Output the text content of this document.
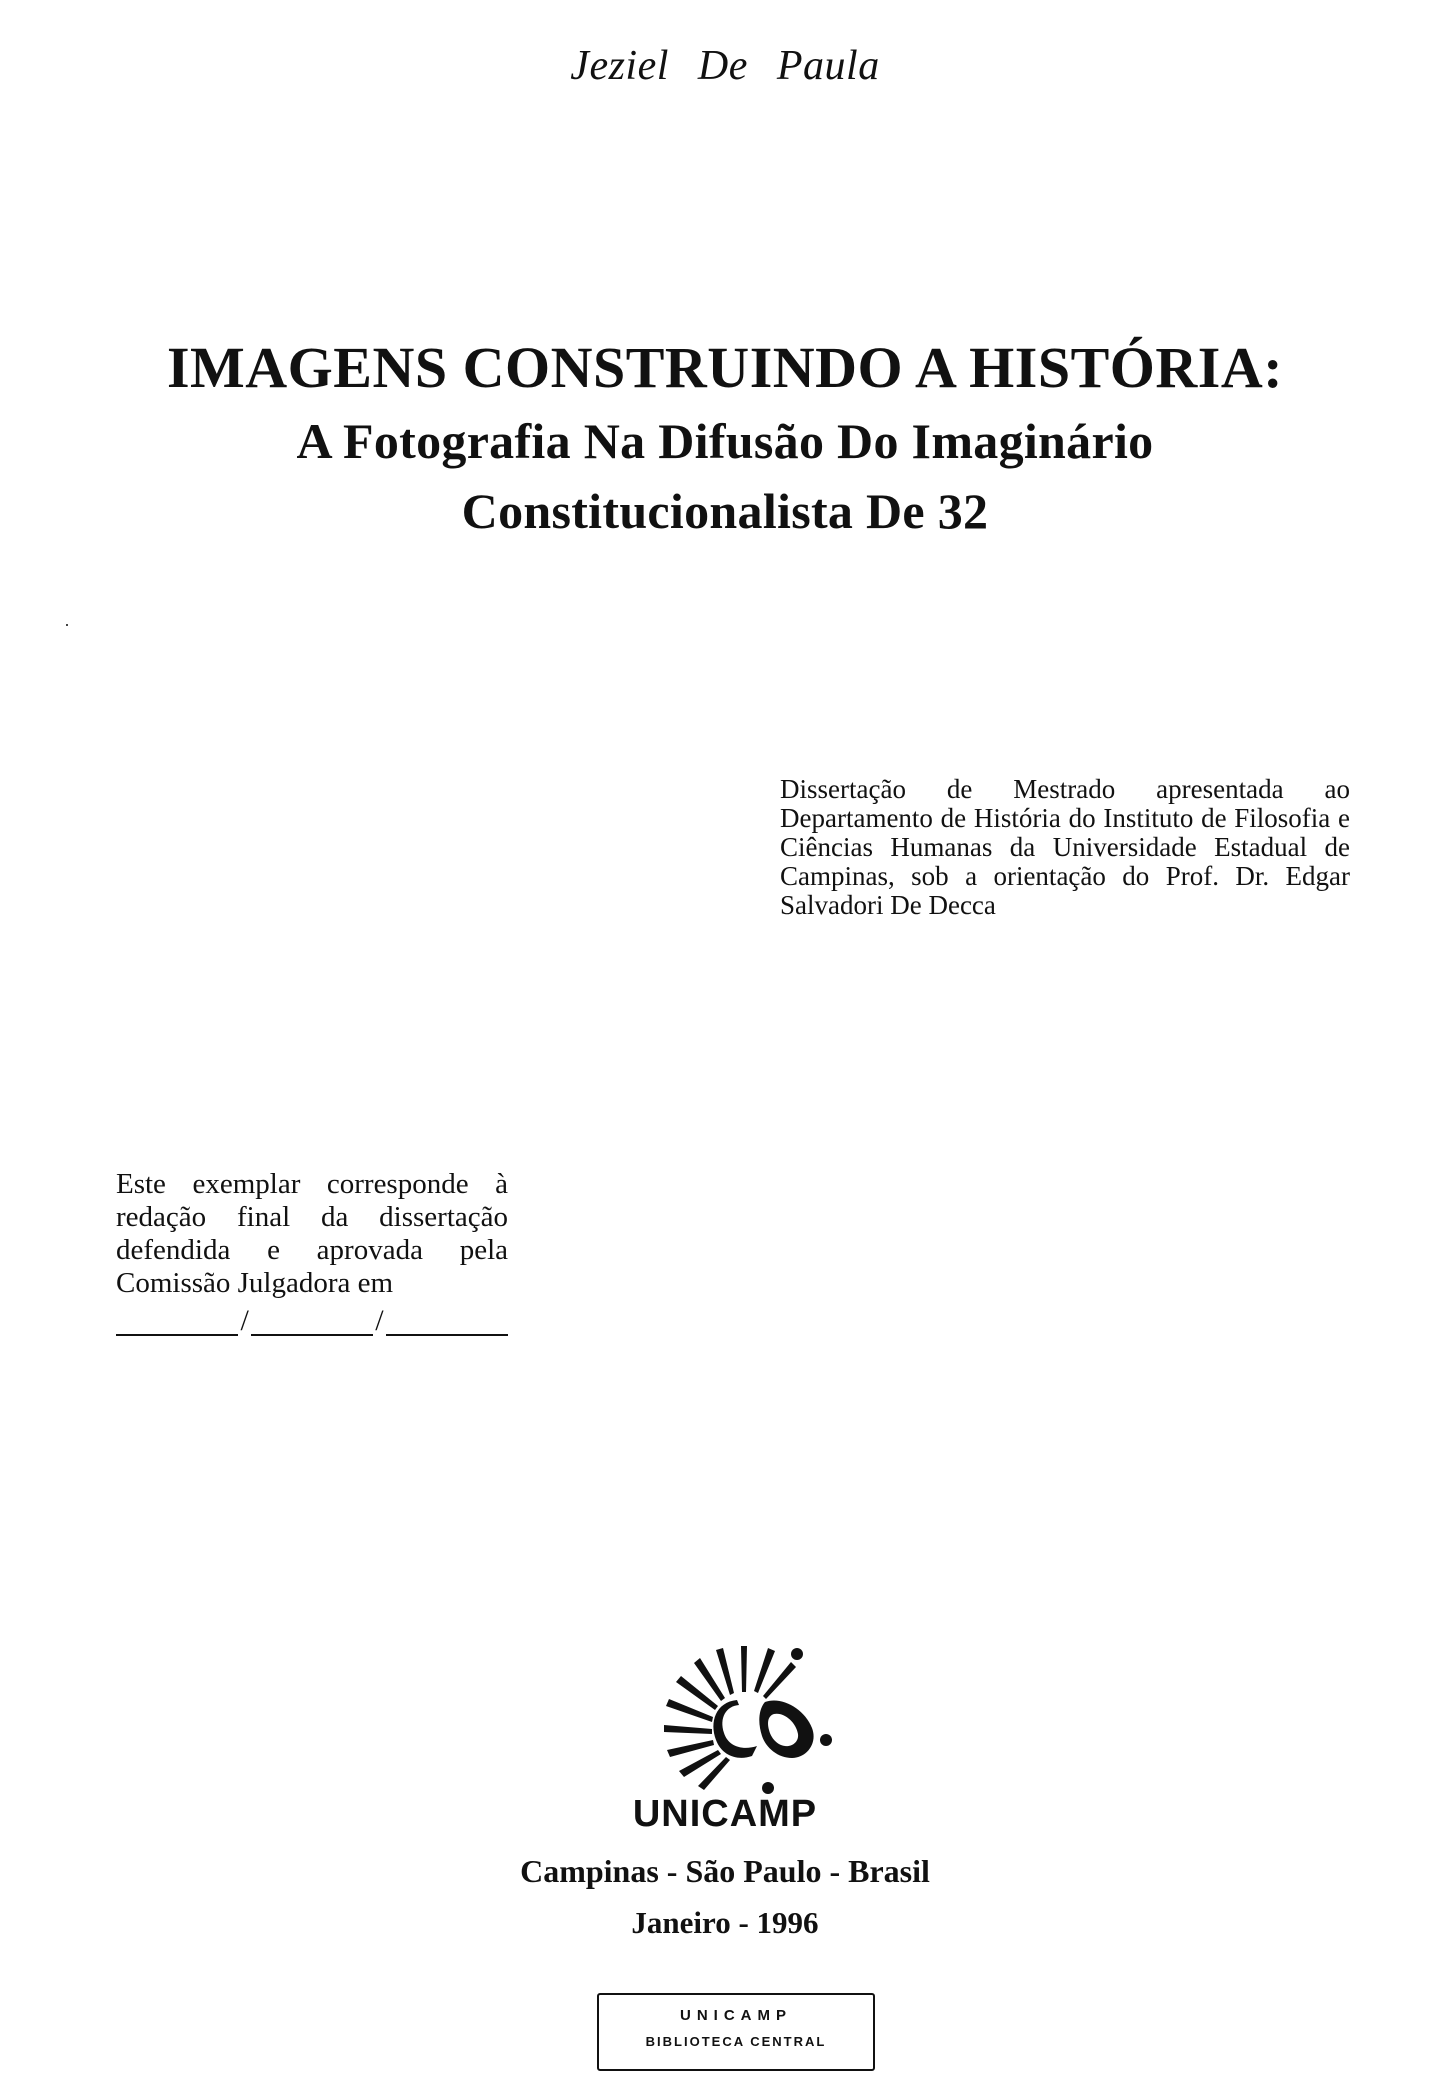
Jeziel De Paula
IMAGENS CONSTRUINDO A HISTÓRIA:
A Fotografia Na Difusão Do Imaginário
Constitucionalista De 32
Dissertação de Mestrado apresentada ao Departamento de História do Instituto de Filosofia e Ciências Humanas da Universidade Estadual de Campinas, sob a orientação do Prof. Dr. Edgar Salvadori De Decca
Este exemplar corresponde à redação final da dissertação defendida e aprovada pela Comissão Julgadora em
/	/
UNICAMP
Campinas - São Paulo - Brasil
Janeiro - 1996
UNICAMP
BIBLIOTECA CENTRAL
